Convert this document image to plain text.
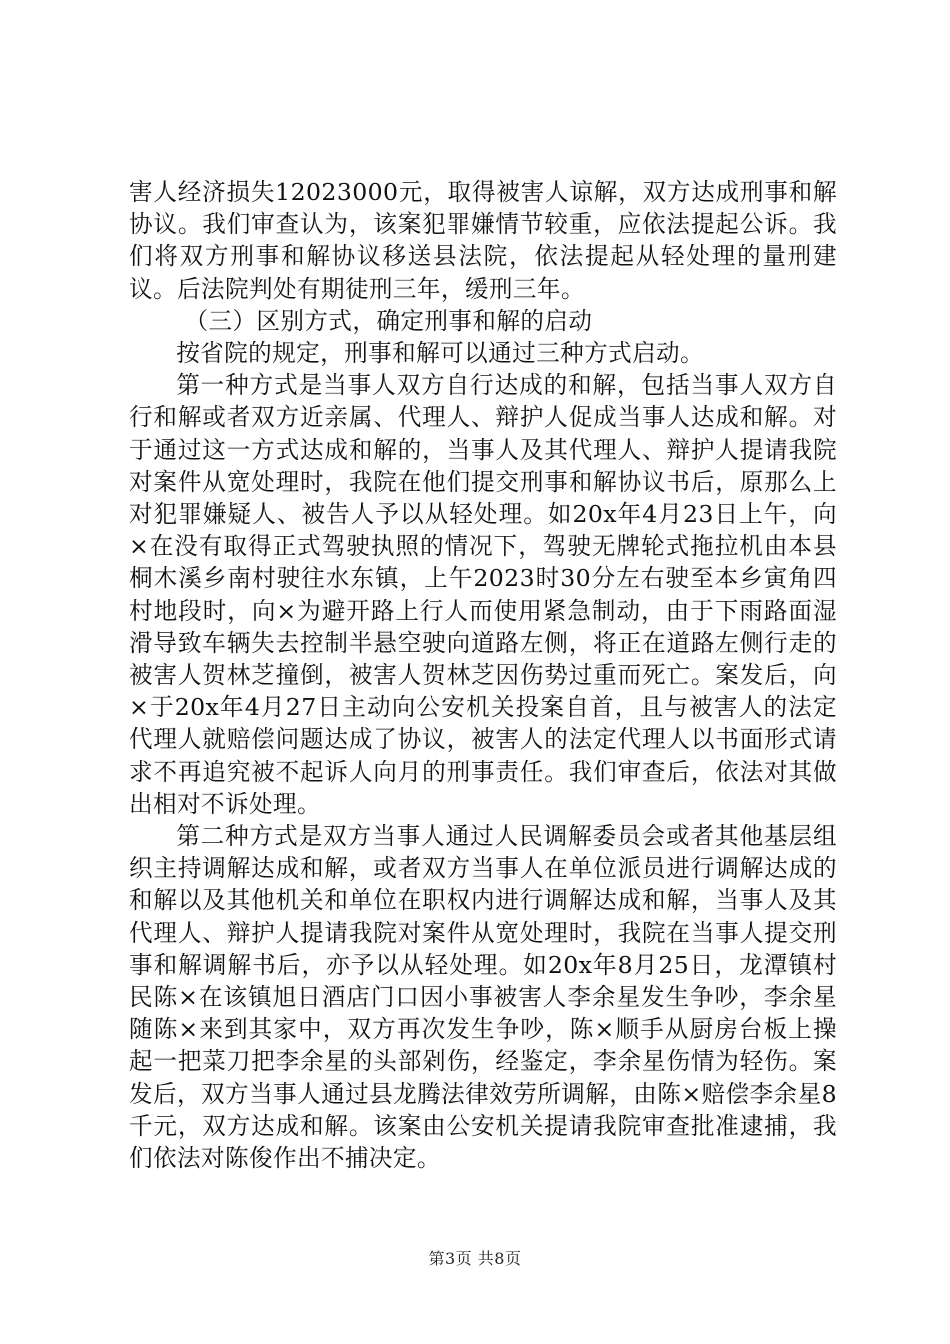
害人经济损失12023000元，取得被害人谅解，双方达成刑事和解协议。我们审查认为，该案犯罪嫌情节较重，应依法提起公诉。我们将双方刑事和解协议移送县法院，依法提起从轻处理的量刑建议。后法院判处有期徒刑三年，缓刑三年。

（三）区别方式，确定刑事和解的启动

按省院的规定，刑事和解可以通过三种方式启动。

第一种方式是当事人双方自行达成的和解，包括当事人双方自行和解或者双方近亲属、代理人、辩护人促成当事人达成和解。对于通过这一方式达成和解的，当事人及其代理人、辩护人提请我院对案件从宽处理时，我院在他们提交刑事和解协议书后，原那么上对犯罪嫌疑人、被告人予以从轻处理。如20x年4月23日上午，向×在没有取得正式驾驶执照的情况下，驾驶无牌轮式拖拉机由本县桐木溪乡南村驶往水东镇，上午2023时30分左右驶至本乡寅角四村地段时，向×为避开路上行人而使用紧急制动，由于下雨路面湿滑导致车辆失去控制半悬空驶向道路左侧，将正在道路左侧行走的被害人贺林芝撞倒，被害人贺林芝因伤势过重而死亡。案发后，向×于20x年4月27日主动向公安机关投案自首，且与被害人的法定代理人就赔偿问题达成了协议，被害人的法定代理人以书面形式请求不再追究被不起诉人向月的刑事责任。我们审查后，依法对其做出相对不诉处理。

第二种方式是双方当事人通过人民调解委员会或者其他基层组织主持调解达成和解，或者双方当事人在单位派员进行调解达成的和解以及其他机关和单位在职权内进行调解达成和解，当事人及其代理人、辩护人提请我院对案件从宽处理时，我院在当事人提交刑事和解调解书后，亦予以从轻处理。如20x年8月25日，龙潭镇村民陈×在该镇旭日酒店门口因小事被害人李余星发生争吵，李余星随陈×来到其家中，双方再次发生争吵，陈×顺手从厨房台板上操起一把菜刀把李余星的头部剁伤，经鉴定，李余星伤情为轻伤。案发后，双方当事人通过县龙腾法律效劳所调解，由陈×赔偿李余星8千元，双方达成和解。该案由公安机关提请我院审查批准逮捕，我们依法对陈俊作出不捕决定。

第3页 共8页
